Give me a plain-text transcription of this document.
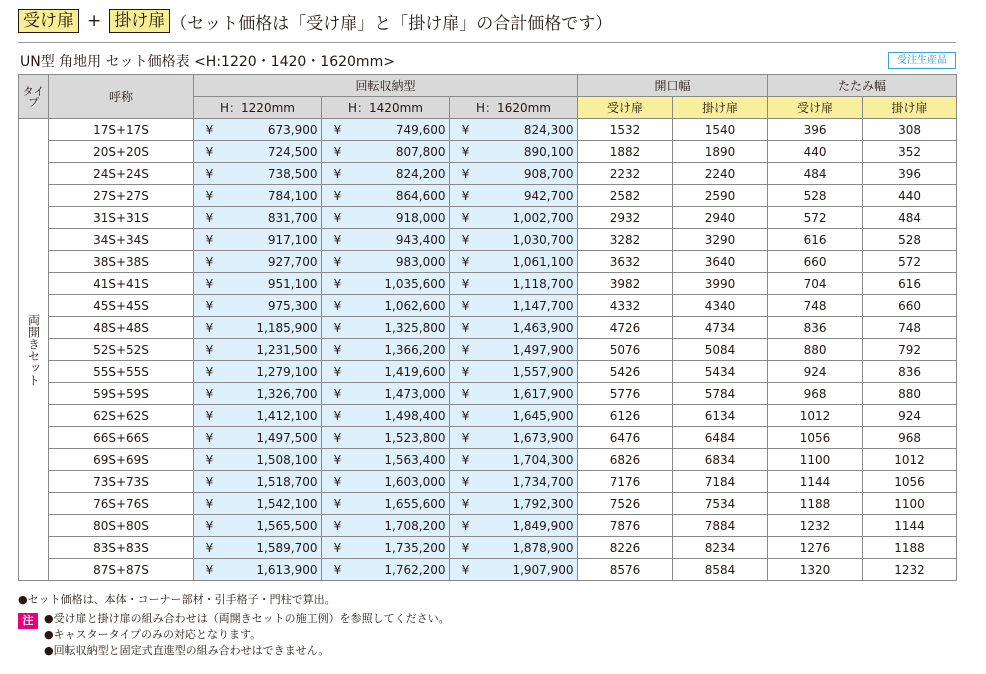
受け扉 + 掛け扉 （セット価格は「受け扉」と「掛け扉」の合計価格です）
UN型 角地用 セット価格表 <H:1220・1420・1620mm>	受注生産品
タイプ	呼称	回転収納型			開口幅		たたみ幅	
		H：1220mm	H：1420mm	H：1620mm	受け扉	掛け扉	受け扉	掛け扉

両開きセット	17S+17S	¥ 673,900	¥ 749,600	¥ 824,300	1532	1540	396	308
	20S+20S	¥ 724,500	¥ 807,800	¥ 890,100	1882	1890	440	352
	24S+24S	¥ 738,500	¥ 824,200	¥ 908,700	2232	2240	484	396
	27S+27S	¥ 784,100	¥ 864,600	¥ 942,700	2582	2590	528	440
	31S+31S	¥ 831,700	¥ 918,000	¥ 1,002,700	2932	2940	572	484
	34S+34S	¥ 917,100	¥ 943,400	¥ 1,030,700	3282	3290	616	528
	38S+38S	¥ 927,700	¥ 983,000	¥ 1,061,100	3632	3640	660	572
	41S+41S	¥ 951,100	¥ 1,035,600	¥ 1,118,700	3982	3990	704	616
	45S+45S	¥ 975,300	¥ 1,062,600	¥ 1,147,700	4332	4340	748	660
	48S+48S	¥ 1,185,900	¥ 1,325,800	¥ 1,463,900	4726	4734	836	748
	52S+52S	¥ 1,231,500	¥ 1,366,200	¥ 1,497,900	5076	5084	880	792
	55S+55S	¥ 1,279,100	¥ 1,419,600	¥ 1,557,900	5426	5434	924	836
	59S+59S	¥ 1,326,700	¥ 1,473,000	¥ 1,617,900	5776	5784	968	880
	62S+62S	¥ 1,412,100	¥ 1,498,400	¥ 1,645,900	6126	6134	1012	924
	66S+66S	¥ 1,497,500	¥ 1,523,800	¥ 1,673,900	6476	6484	1056	968
	69S+69S	¥ 1,508,100	¥ 1,563,400	¥ 1,704,300	6826	6834	1100	1012
	73S+73S	¥ 1,518,700	¥ 1,603,000	¥ 1,734,700	7176	7184	1144	1056
	76S+76S	¥ 1,542,100	¥ 1,655,600	¥ 1,792,300	7526	7534	1188	1100
	80S+80S	¥ 1,565,500	¥ 1,708,200	¥ 1,849,900	7876	7884	1232	1144
	83S+83S	¥ 1,589,700	¥ 1,735,200	¥ 1,878,900	8226	8234	1276	1188
	87S+87S	¥ 1,613,900	¥ 1,762,200	¥ 1,907,900	8576	8584	1320	1232
●セット価格は、本体・コーナー部材・引手格子・門柱で算出。
注 ●受け扉と掛け扉の組み合わせは（両開きセットの施工例）を参照してください。
●キャスタータイプのみの対応となります。
●回転収納型と固定式直進型の組み合わせはできません。
